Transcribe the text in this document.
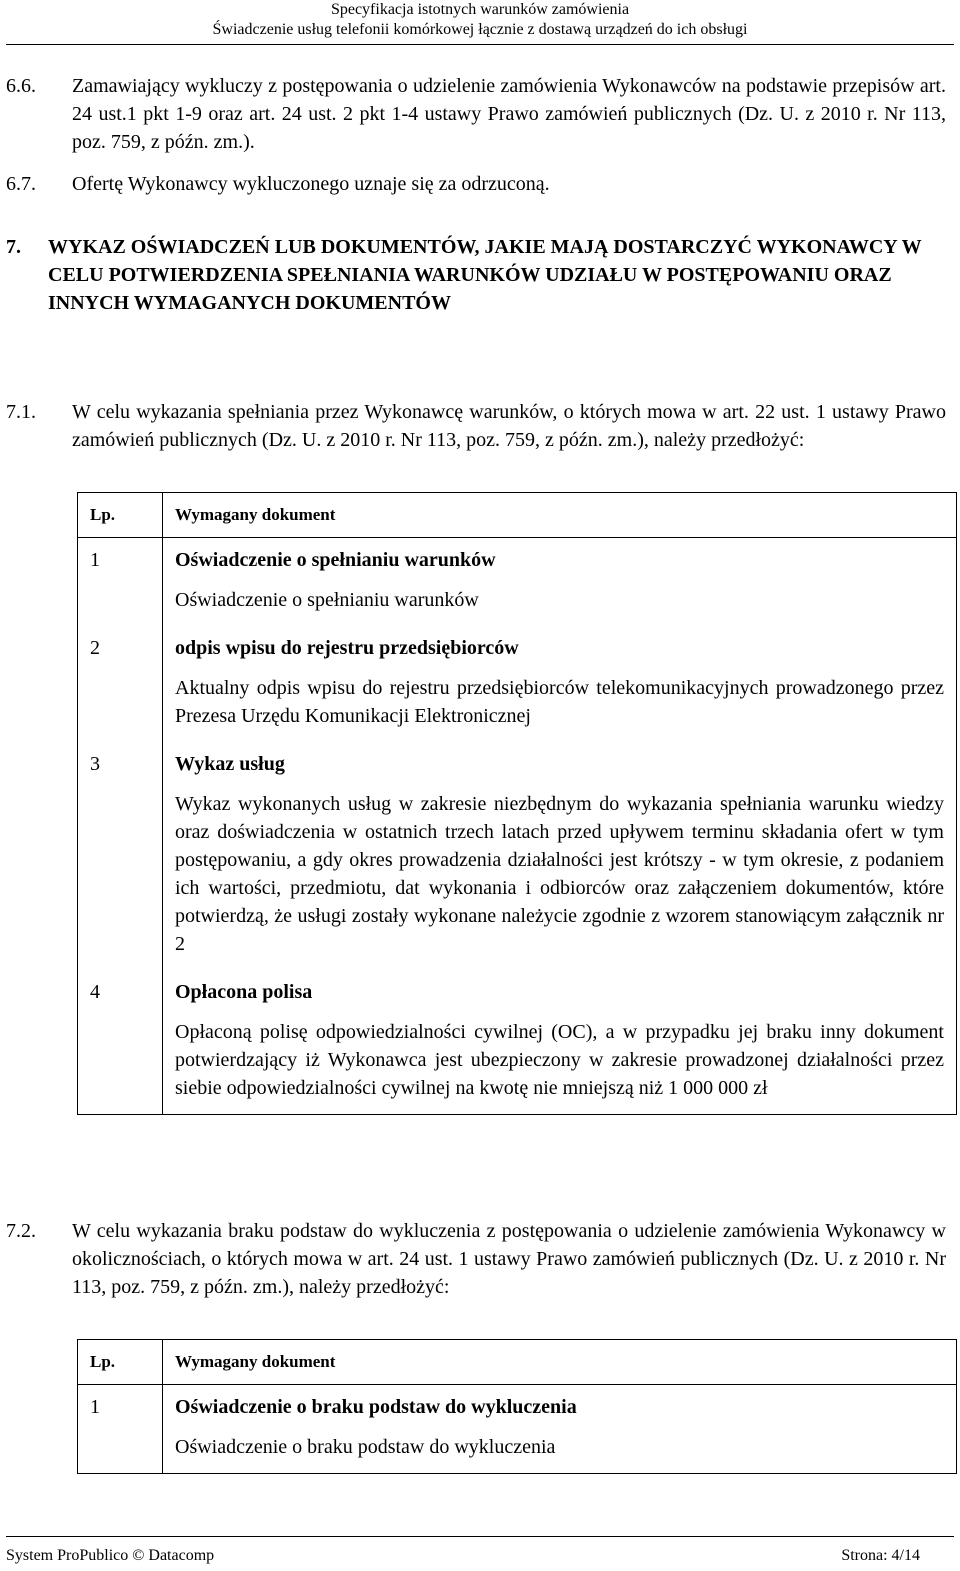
Specyfikacja istotnych warunków zamówienia
Świadczenie usług telefonii komórkowej łącznie z dostawą urządzeń do ich obsługi
6.6. Zamawiający wykluczy z postępowania o udzielenie zamówienia Wykonawców na podstawie przepisów art. 24 ust.1 pkt 1-9 oraz art. 24 ust. 2 pkt 1-4 ustawy Prawo zamówień publicznych (Dz. U. z 2010 r. Nr 113, poz. 759, z późn. zm.).
6.7. Ofertę Wykonawcy wykluczonego uznaje się za odrzuconą.
7. WYKAZ OŚWIADCZEŃ LUB DOKUMENTÓW, JAKIE MAJĄ DOSTARCZYĆ WYKONAWCY W CELU POTWIERDZENIA SPEŁNIANIA WARUNKÓW UDZIAŁU W POSTĘPOWANIU ORAZ INNYCH WYMAGANYCH DOKUMENTÓW
7.1. W celu wykazania spełniania przez Wykonawcę warunków, o których mowa w art. 22 ust. 1 ustawy Prawo zamówień publicznych (Dz. U. z 2010 r. Nr 113, poz. 759, z późn. zm.), należy przedłożyć:
Lp.	Wymagany dokument

1	Oświadczenie o spełnianiu warunków
Oświadczenie o spełnianiu warunków

2	odpis wpisu do rejestru przedsiębiorców
Aktualny odpis wpisu do rejestru przedsiębiorców telekomunikacyjnych prowadzonego przez Prezesa Urzędu Komunikacji Elektronicznej

3	Wykaz usług
Wykaz wykonanych usług w zakresie niezbędnym do wykazania spełniania warunku wiedzy oraz doświadczenia w ostatnich trzech latach przed upływem terminu składania ofert w tym postępowaniu, a gdy okres prowadzenia działalności jest krótszy - w tym okresie, z podaniem ich wartości, przedmiotu, dat wykonania i odbiorców oraz załączeniem dokumentów, które potwierdzą, że usługi zostały wykonane należycie zgodnie z wzorem stanowiącym załącznik nr 2

4	Opłacona polisa
Opłaconą polisę odpowiedzialności cywilnej (OC), a w przypadku jej braku inny dokument potwierdzający iż Wykonawca jest ubezpieczony w zakresie prowadzonej działalności przez siebie odpowiedzialności cywilnej na kwotę nie mniejszą niż 1 000 000 zł
7.2. W celu wykazania braku podstaw do wykluczenia z postępowania o udzielenie zamówienia Wykonawcy w okolicznościach, o których mowa w art. 24 ust. 1 ustawy Prawo zamówień publicznych (Dz. U. z 2010 r. Nr 113, poz. 759, z późn. zm.), należy przedłożyć:
Lp.	Wymagany dokument

1	Oświadczenie o braku podstaw do wykluczenia
Oświadczenie o braku podstaw do wykluczenia
System ProPublico © Datacomp	Strona: 4/14
